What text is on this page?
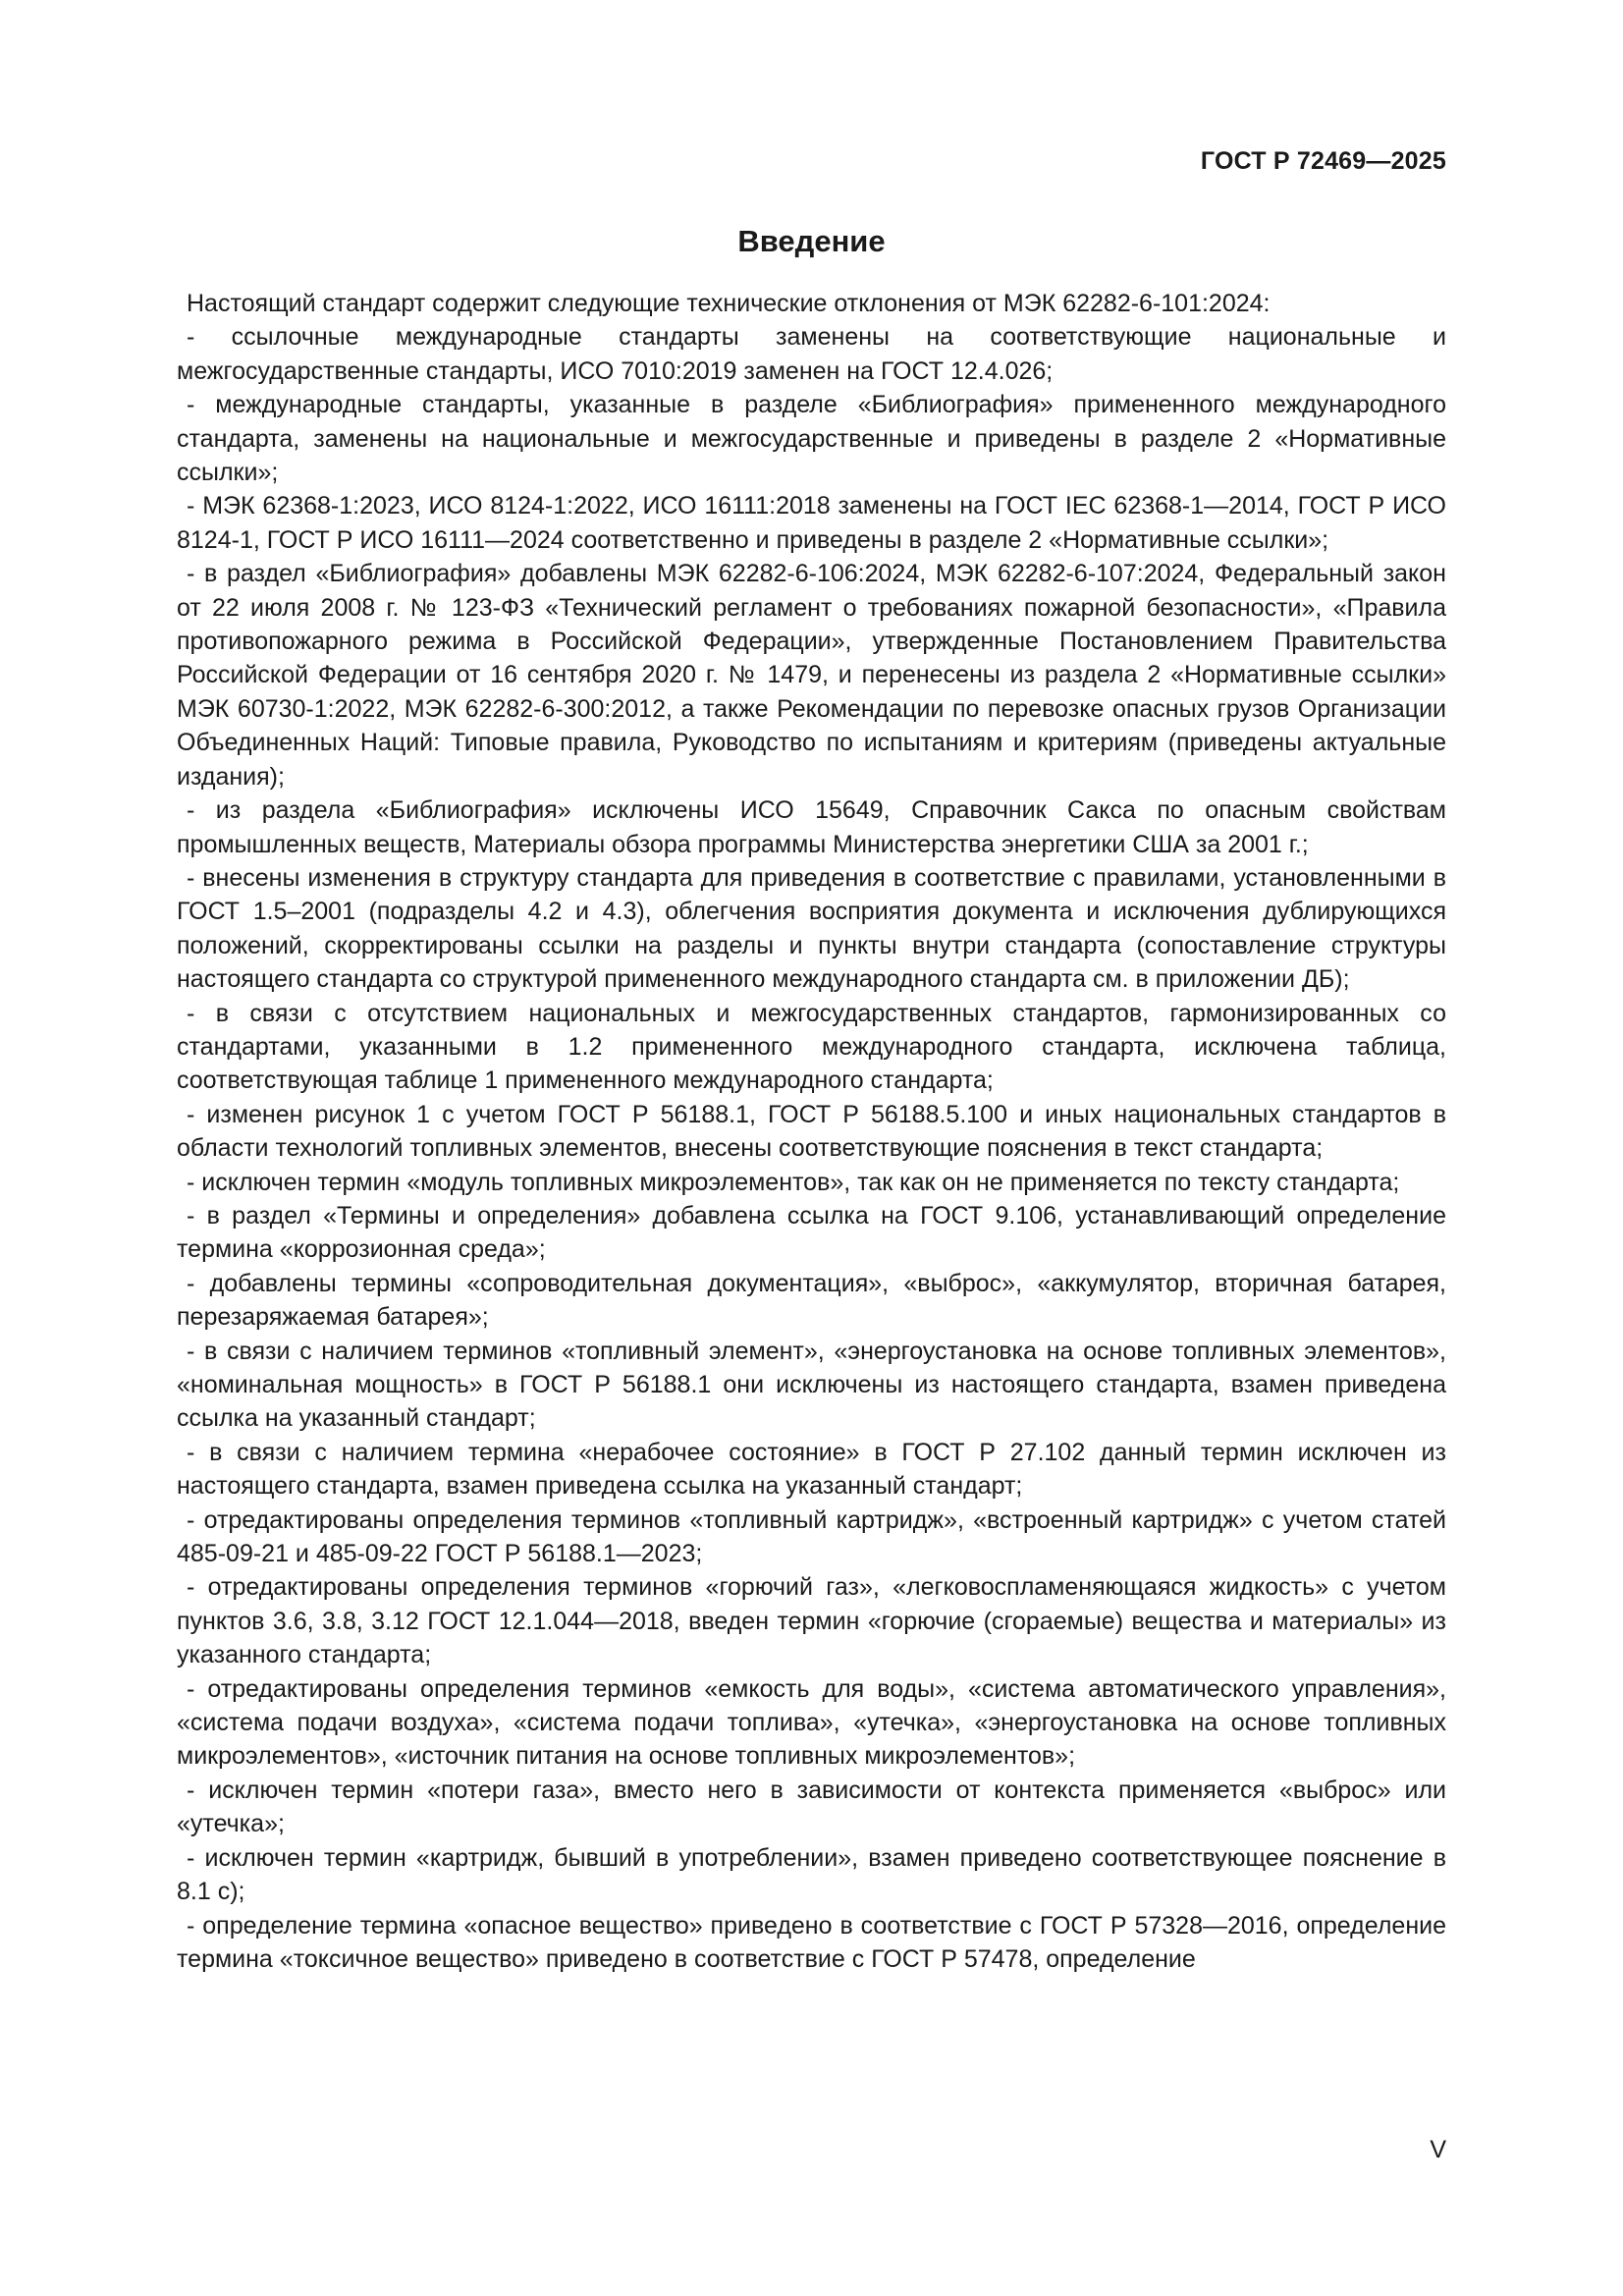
ГОСТ Р 72469—2025
Введение

Настоящий стандарт содержит следующие технические отклонения от МЭК 62282-6-101:2024:

- ссылочные международные стандарты заменены на соответствующие национальные и межгосударственные стандарты, ИСО 7010:2019 заменен на ГОСТ 12.4.026;

- международные стандарты, указанные в разделе «Библиография» примененного международного стандарта, заменены на национальные и межгосударственные и приведены в разделе 2 «Нормативные ссылки»;

- МЭК 62368-1:2023, ИСО 8124-1:2022, ИСО 16111:2018 заменены на ГОСТ IEC 62368-1—2014, ГОСТ Р ИСО 8124-1, ГОСТ Р ИСО 16111—2024 соответственно и приведены в разделе 2 «Нормативные ссылки»;

- в раздел «Библиография» добавлены МЭК 62282-6-106:2024, МЭК 62282-6-107:2024, Федеральный закон от 22 июля 2008 г. № 123-ФЗ «Технический регламент о требованиях пожарной безопасности», «Правила противопожарного режима в Российской Федерации», утвержденные Постановлением Правительства Российской Федерации от 16 сентября 2020 г. № 1479, и перенесены из раздела 2 «Нормативные ссылки» МЭК 60730-1:2022, МЭК 62282-6-300:2012, а также Рекомендации по перевозке опасных грузов Организации Объединенных Наций: Типовые правила, Руководство по испытаниям и критериям (приведены актуальные издания);

- из раздела «Библиография» исключены ИСО 15649, Справочник Сакса по опасным свойствам промышленных веществ, Материалы обзора программы Министерства энергетики США за 2001 г.;

- внесены изменения в структуру стандарта для приведения в соответствие с правилами, установленными в ГОСТ 1.5–2001 (подразделы 4.2 и 4.3), облегчения восприятия документа и исключения дублирующихся положений, скорректированы ссылки на разделы и пункты внутри стандарта (сопоставление структуры настоящего стандарта со структурой примененного международного стандарта см. в приложении ДБ);

- в связи с отсутствием национальных и межгосударственных стандартов, гармонизированных со стандартами, указанными в 1.2 примененного международного стандарта, исключена таблица, соответствующая таблице 1 примененного международного стандарта;

- изменен рисунок 1 с учетом ГОСТ Р 56188.1, ГОСТ Р 56188.5.100 и иных национальных стандартов в области технологий топливных элементов, внесены соответствующие пояснения в текст стандарта;

- исключен термин «модуль топливных микроэлементов», так как он не применяется по тексту стандарта;

- в раздел «Термины и определения» добавлена ссылка на ГОСТ 9.106, устанавливающий определение термина «коррозионная среда»;

- добавлены термины «сопроводительная документация», «выброс», «аккумулятор, вторичная батарея, перезаряжаемая батарея»;

- в связи с наличием терминов «топливный элемент», «энергоустановка на основе топливных элементов», «номинальная мощность» в ГОСТ Р 56188.1 они исключены из настоящего стандарта, взамен приведена ссылка на указанный стандарт;

- в связи с наличием термина «нерабочее состояние» в ГОСТ Р 27.102 данный термин исключен из настоящего стандарта, взамен приведена ссылка на указанный стандарт;

- отредактированы определения терминов «топливный картридж», «встроенный картридж» с учетом статей 485-09-21 и 485-09-22 ГОСТ Р 56188.1—2023;

- отредактированы определения терминов «горючий газ», «легковоспламеняющаяся жидкость» с учетом пунктов 3.6, 3.8, 3.12 ГОСТ 12.1.044—2018, введен термин «горючие (сгораемые) вещества и материалы» из указанного стандарта;

- отредактированы определения терминов «емкость для воды», «система автоматического управления», «система подачи воздуха», «система подачи топлива», «утечка», «энергоустановка на основе топливных микроэлементов», «источник питания на основе топливных микроэлементов»;

- исключен термин «потери газа», вместо него в зависимости от контекста применяется «выброс» или «утечка»;

- исключен термин «картридж, бывший в употреблении», взамен приведено соответствующее пояснение в 8.1 с);

- определение термина «опасное вещество» приведено в соответствие с ГОСТ Р 57328—2016, определение термина «токсичное вещество» приведено в соответствие с ГОСТ Р 57478, определение

V
